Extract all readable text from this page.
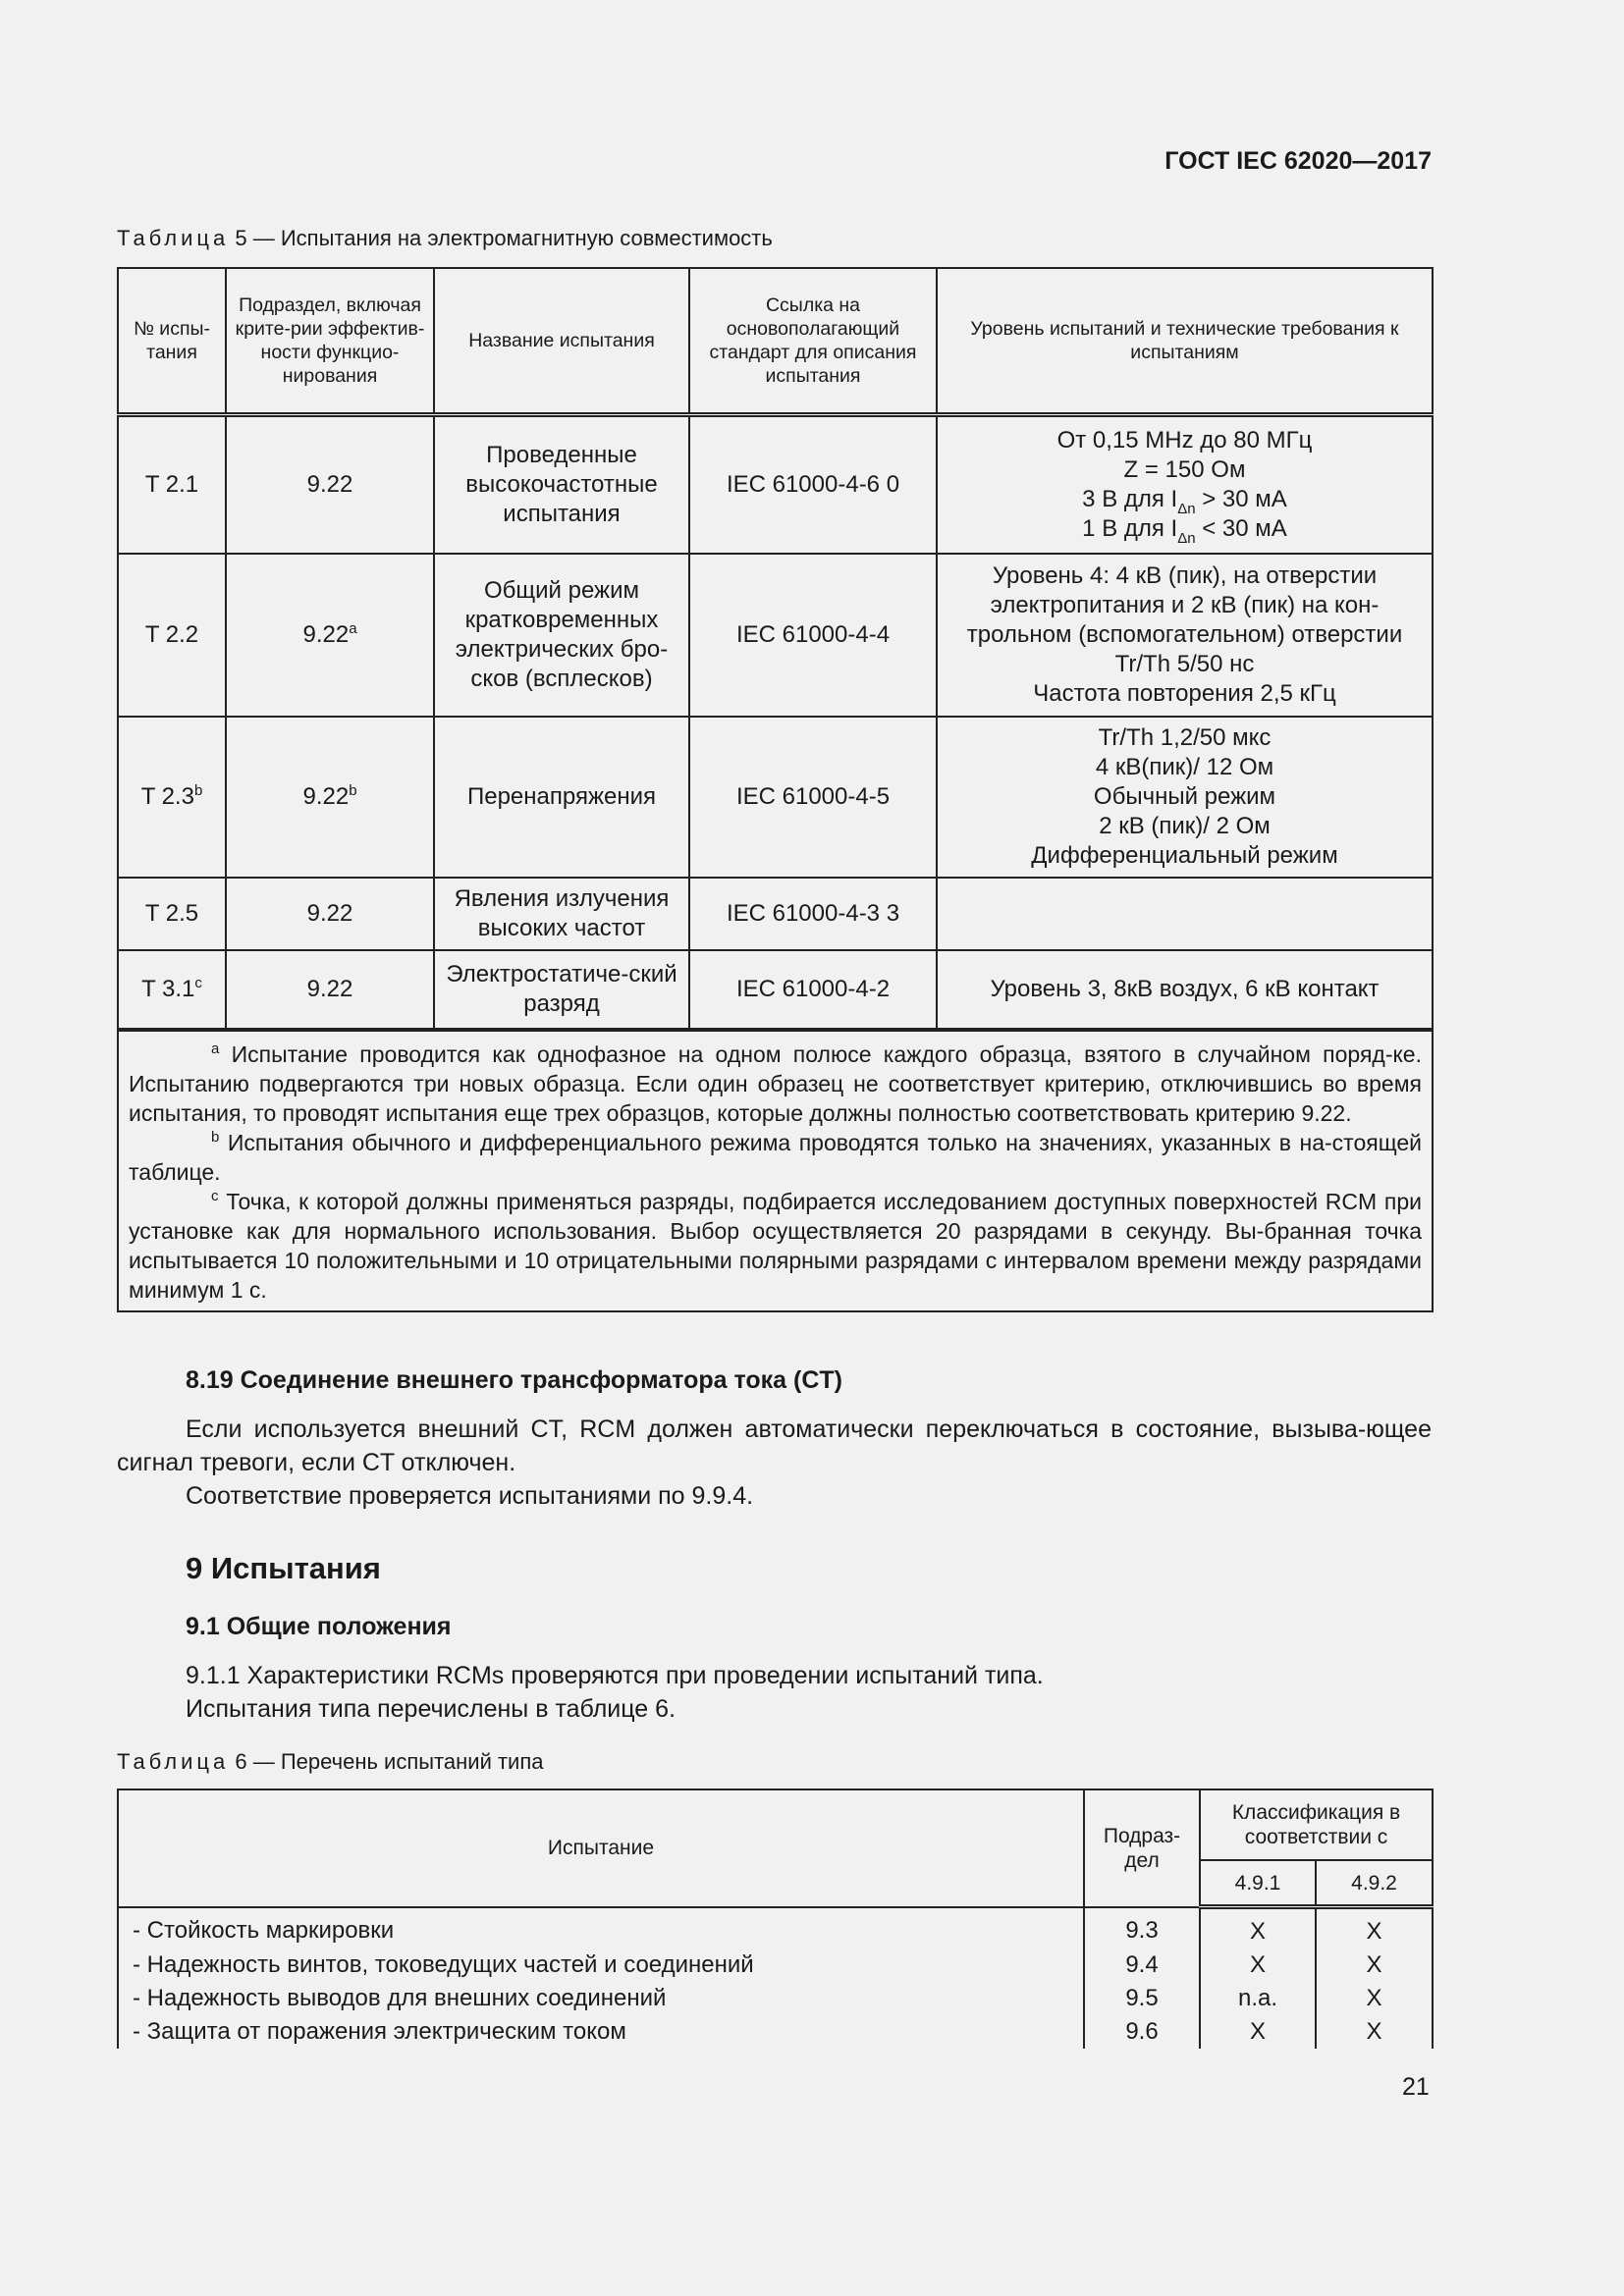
ГОСТ IEC 62020—2017
Таблица 5 — Испытания на электромагнитную совместимость
№ испы-тания	Подраздел, включая крите-рии эффектив-ности функцио-нирования	Название испытания	Ссылка на основополагающий стандарт для описания испытания	Уровень испытаний и технические требования к испытаниям
T 2.1	9.22	Проведенные высокочастотные испытания	IEC 61000-4-6 0	От 0,15 MHz до 80 МГц
Z = 150 Ом
3 В для $I_{\Delta n} > 30$ мА
1 В для $I_{\Delta n} < 30$ мА

T 2.2	9.22$^a$	Общий режим кратковременных электрических бро-сков (всплесков)	IEC 61000-4-4	Уровень 4: 4 кВ (пик), на отверстии
электропитания и 2 кВ (пик) на кон-
трольном (вспомогательном) отверстии
Tr/Th 5/50 нс
Частота повторения 2,5 кГц

T 2.3$^b$	9.22$^b$	Перенапряжения	IEC 61000-4-5	Tr/Th 1,2/50 мкс
4 кВ(пик)/ 12 Ом
Обычный режим
2 кВ (пик)/ 2 Ом
Дифференциальный режим

T 2.5	9.22	Явления излучения высоких частот	IEC 61000-4-3 3	
T 3.1$^c$	9.22	Электростатиче-ский разряд	IEC 61000-4-2	Уровень 3, 8кВ воздух, 6 кВ контакт

$^a$ Испытание проводится как однофазное на одном полюсе каждого образца, взятого в случайном поряд-ке. Испытанию подвергаются три новых образца. Если один образец не соответствует критерию, отключившись во время испытания, то проводят испытания еще трех образцов, которые должны полностью соответствовать критерию 9.22.

$^b$ Испытания обычного и дифференциального режима проводятся только на значениях, указанных в на-стоящей таблице.

$^c$ Точка, к которой должны применяться разряды, подбирается исследованием доступных поверхностей RCM при установке как для нормального использования. Выбор осуществляется 20 разрядами в секунду. Вы-бранная точка испытывается 10 положительными и 10 отрицательными полярными разрядами с интервалом времени между разрядами минимум 1 с.				

8.19 Соединение внешнего трансформатора тока (CT)

Если используется внешний CT, RCM должен автоматически переключаться в состояние, вызыва-ющее сигнал тревоги, если CT отключен.

Соответствие проверяется испытаниями по 9.9.4.

9 Испытания
9.1 Общие положения

9.1.1 Характеристики RCMs проверяются при проведении испытаний типа.

Испытания типа перечислены в таблице 6.

Таблица 6 — Перечень испытаний типа
Испытание	Подраз-дел	Классификация в соответствии с	
		4.9.1	4.9.2
- Стойкость маркировки	9.3	X	X
- Надежность винтов, токоведущих частей и соединений	9.4	X	X
- Надежность выводов для внешних соединений	9.5	n.a.	X
- Защита от поражения электрическим током	9.6	X	X
21
